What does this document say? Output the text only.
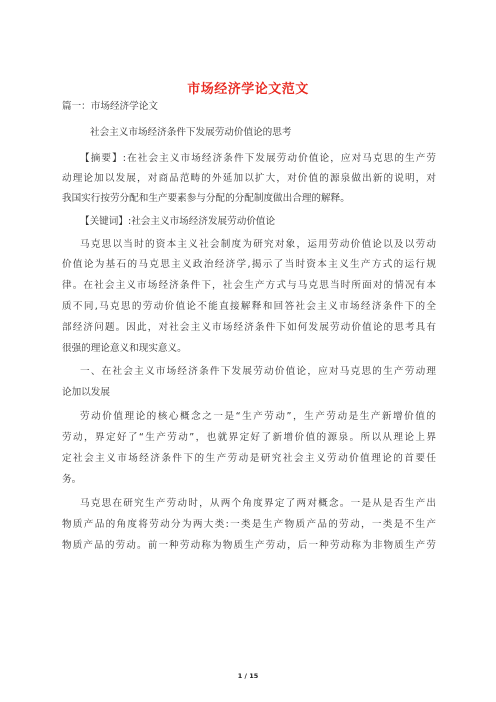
市场经济学论文范文
篇一：市场经济学论文
社会主义市场经济条件下发展劳动价值论的思考
【摘要】:在社会主义市场经济条件下发展劳动价值论，应对马克思的生产劳
动理论加以发展，对商品范畴的外延加以扩大，对价值的源泉做出新的说明，对
我国实行按劳分配和生产要素参与分配的分配制度做出合理的解释。
【关键词】:社会主义市场经济发展劳动价值论
马克思以当时的资本主义社会制度为研究对象，运用劳动价值论以及以劳动
价值论为基石的马克思主义政治经济学,揭示了当时资本主义生产方式的运行规
律。在社会主义市场经济条件下，社会生产方式与马克思当时所面对的情况有本
质不同,马克思的劳动价值论不能直接解释和回答社会主义市场经济条件下的全
部经济问题。因此，对社会主义市场经济条件下如何发展劳动价值论的思考具有
很强的理论意义和现实意义。
一、在社会主义市场经济条件下发展劳动价值论，应对马克思的生产劳动理
论加以发展
劳动价值理论的核心概念之一是“生产劳动”，生产劳动是生产新增价值的
劳动，界定好了“生产劳动”，也就界定好了新增价值的源泉。所以从理论上界
定社会主义市场经济条件下的生产劳动是研究社会主义劳动价值理论的首要任
务。
马克思在研究生产劳动时，从两个角度界定了两对概念。一是从是否生产出
物质产品的角度将劳动分为两大类:一类是生产物质产品的劳动，一类是不生产
物质产品的劳动。前一种劳动称为物质生产劳动，后一种劳动称为非物质生产劳
1 / 15
